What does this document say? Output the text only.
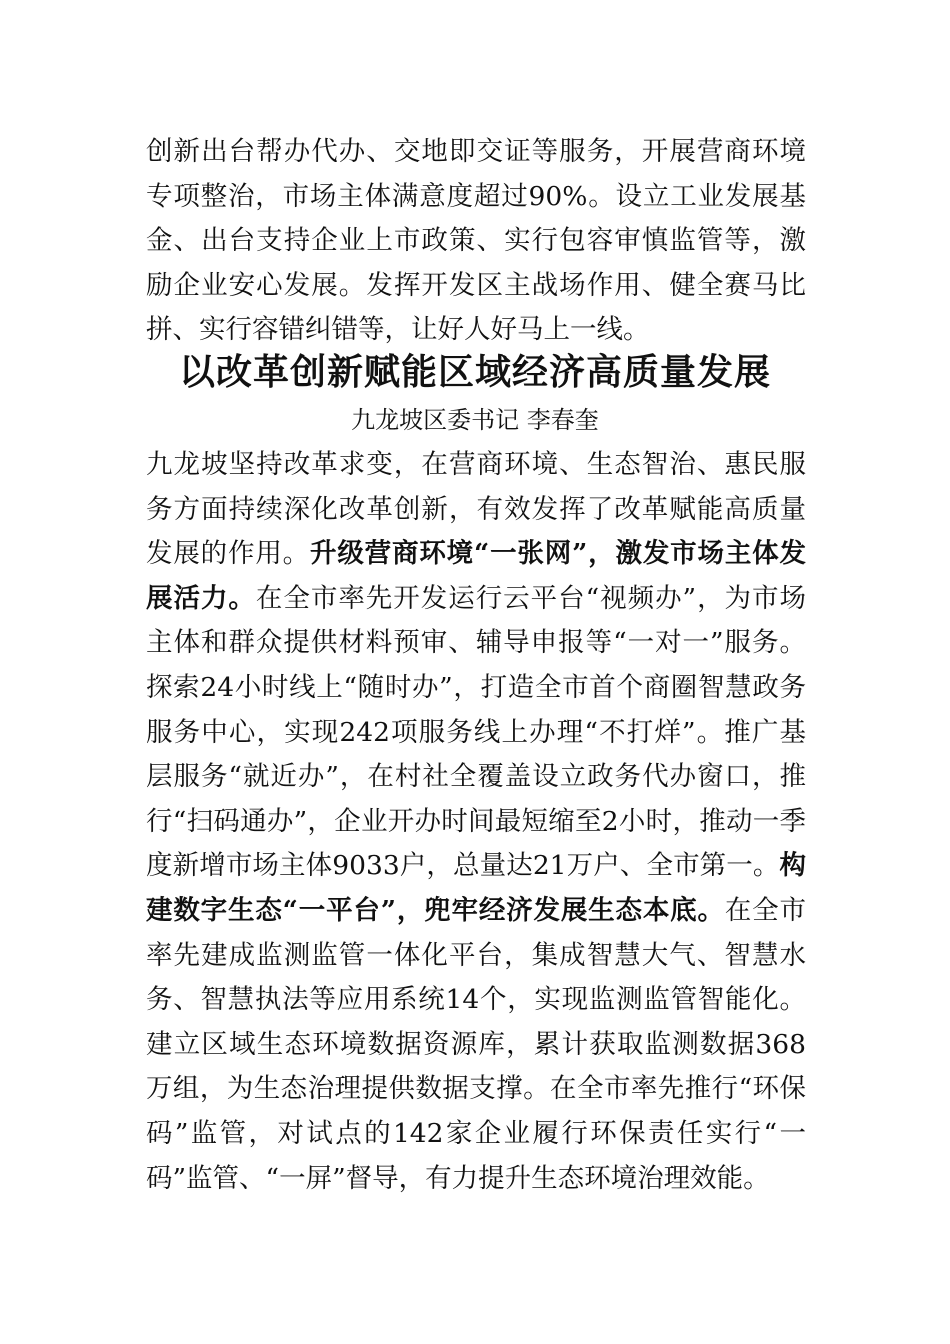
创新出台帮办代办、交地即交证等服务，开展营商环境专项整治，市场主体满意度超过90%。设立工业发展基金、出台支持企业上市政策、实行包容审慎监管等，激励企业安心发展。发挥开发区主战场作用、健全赛马比拼、实行容错纠错等，让好人好马上一线。

以改革创新赋能区域经济高质量发展

九龙坡区委书记 李春奎

九龙坡坚持改革求变，在营商环境、生态智治、惠民服务方面持续深化改革创新，有效发挥了改革赋能高质量发展的作用。升级营商环境“一张网”，激发市场主体发展活力。在全市率先开发运行云平台“视频办”，为市场主体和群众提供材料预审、辅导申报等“一对一”服务。探索24小时线上“随时办”，打造全市首个商圈智慧政务服务中心，实现242项服务线上办理“不打烊”。推广基层服务“就近办”，在村社全覆盖设立政务代办窗口，推行“扫码通办”，企业开办时间最短缩至2小时，推动一季度新增市场主体9033户，总量达21万户、全市第一。构建数字生态“一平台”，兜牢经济发展生态本底。在全市率先建成监测监管一体化平台，集成智慧大气、智慧水务、智慧执法等应用系统14个，实现监测监管智能化。建立区域生态环境数据资源库，累计获取监测数据368万组，为生态治理提供数据支撑。在全市率先推行“环保码”监管，对试点的142家企业履行环保责任实行“一码”监管、“一屏”督导，有力提升生态环境治理效能。
